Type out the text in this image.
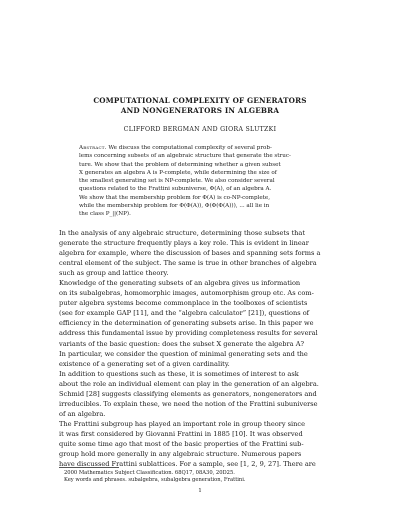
COMPUTATIONAL COMPLEXITY OF GENERATORS
AND NONGENERATORS IN ALGEBRA
CLIFFORD BERGMAN AND GIORA SLUTZKI
Abstract. We discuss the computational complexity of several prob-
lems concerning subsets of an algebraic structure that generate the struc-
ture. We show that the problem of determining whether a given subset
X generates an algebra A is P-complete, while determining the size of
the smallest generating set is NP-complete. We also consider several
questions related to the Frattini subuniverse, Φ(A), of an algebra A.
We show that the membership problem for Φ(A) is co-NP-complete,
while the membership problem for Φ(Φ(A)), Φ(Φ(Φ(A))), ... all lie in
the class P_||(NP).
In the analysis of any algebraic structure, determining those subsets that
generate the structure frequently plays a key role. This is evident in linear
algebra for example, where the discussion of bases and spanning sets forms a
central element of the subject. The same is true in other branches of algebra
such as group and lattice theory.
Knowledge of the generating subsets of an algebra gives us information
on its subalgebras, homomorphic images, automorphism group etc. As com-
puter algebra systems become commonplace in the toolboxes of scientists
(see for example GAP [11], and the “algebra calculator” [21]), questions of
efficiency in the determination of generating subsets arise. In this paper we
address this fundamental issue by providing completeness results for several
variants of the basic question: does the subset X generate the algebra A?
In particular, we consider the question of minimal generating sets and the
existence of a generating set of a given cardinality.
In addition to questions such as these, it is sometimes of interest to ask
about the role an individual element can play in the generation of an algebra.
Schmid [28] suggests classifying elements as generators, nongenerators and
irreducibles. To explain these, we need the notion of the Frattini subuniverse
of an algebra.
The Frattini subgroup has played an important role in group theory since
it was first considered by Giovanni Frattini in 1885 [10]. It was observed
quite some time ago that most of the basic properties of the Frattini sub-
group hold more generally in any algebraic structure. Numerous papers
have discussed Frattini sublattices. For a sample, see [1, 2, 9, 27]. There are
2000 Mathematics Subject Classification. 68Q17, 08A30, 20D25.
Key words and phrases. subalgebra, subalgebra generation, Frattini.
1
